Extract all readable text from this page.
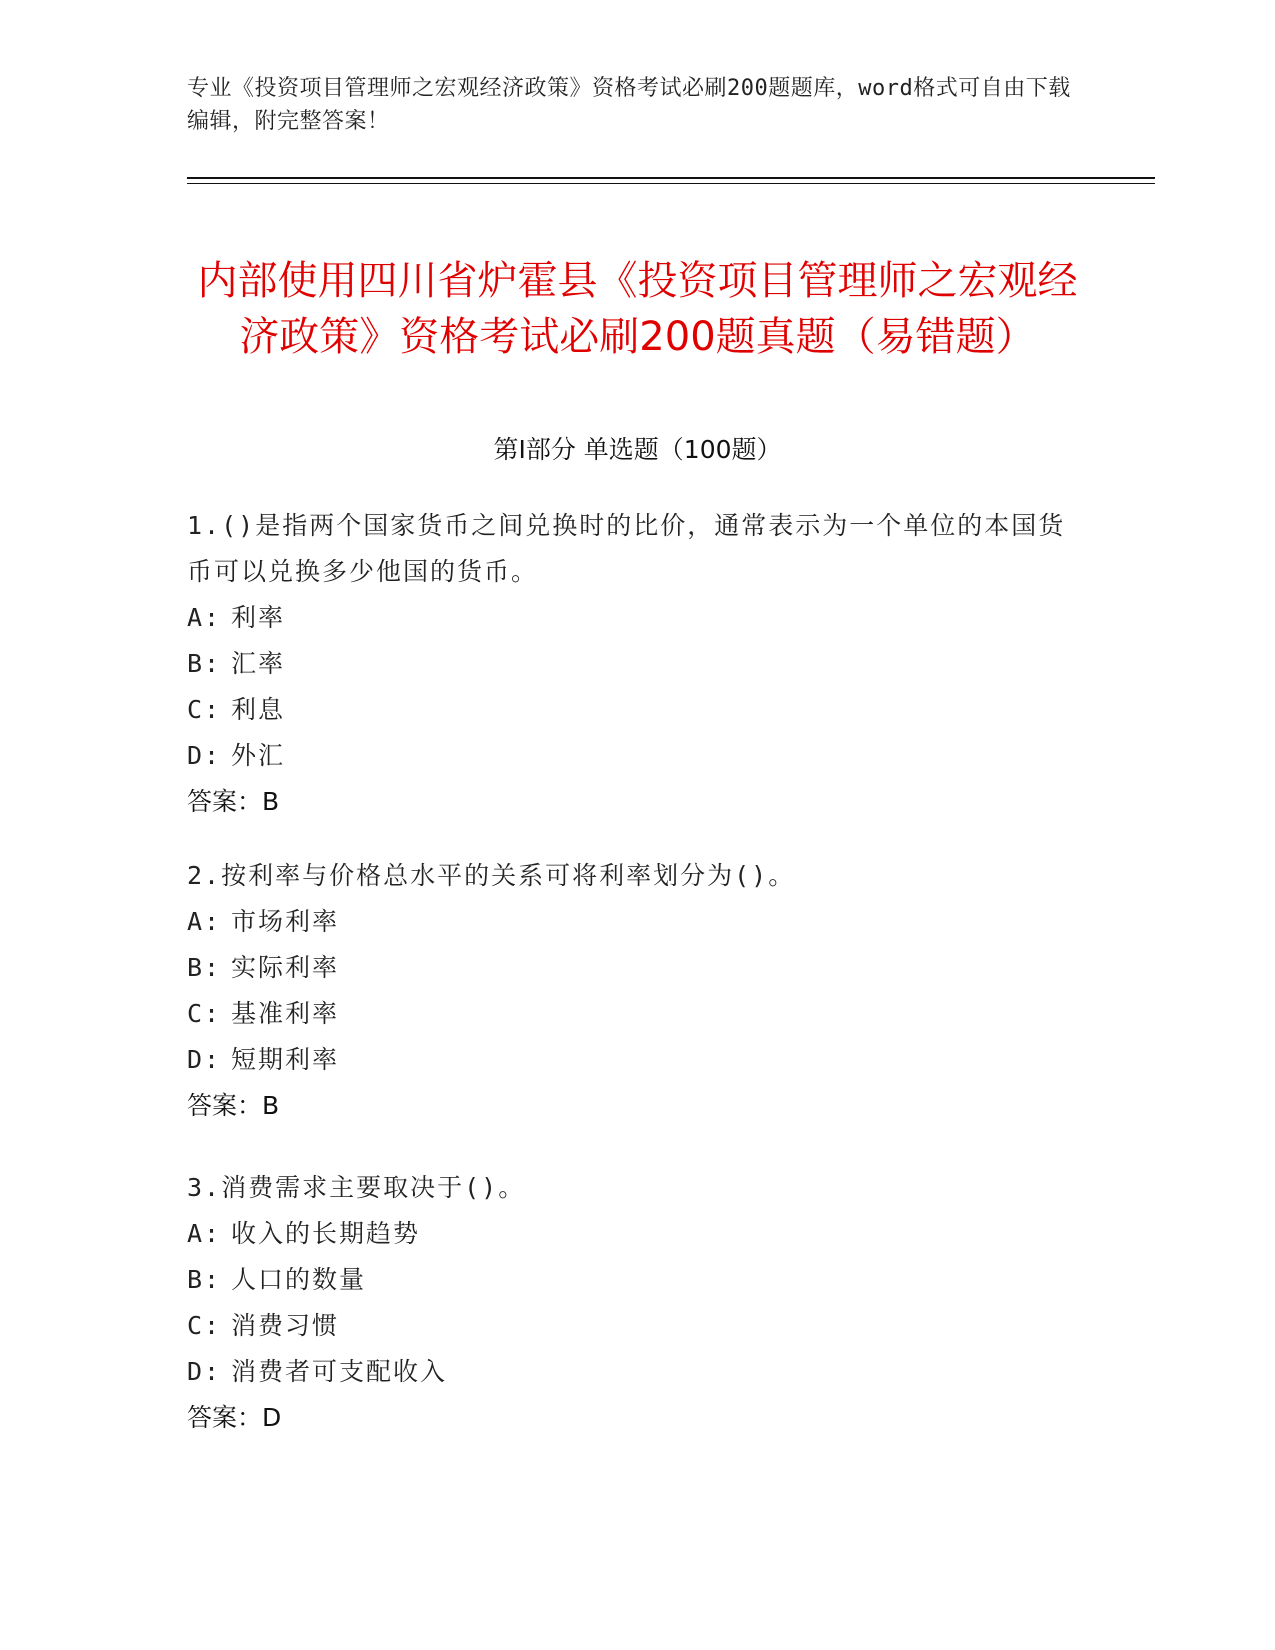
专业《投资项目管理师之宏观经济政策》资格考试必刷200题题库，word格式可自由下载编辑，附完整答案！
内部使用四川省炉霍县《投资项目管理师之宏观经济政策》资格考试必刷200题真题（易错题）
第I部分 单选题（100题）
1.()是指两个国家货币之间兑换时的比价，通常表示为一个单位的本国货币可以兑换多少他国的货币。
A: 利率
B: 汇率
C: 利息
D: 外汇
答案：B
2.按利率与价格总水平的关系可将利率划分为()。
A: 市场利率
B: 实际利率
C: 基准利率
D: 短期利率
答案：B
3.消费需求主要取决于()。
A: 收入的长期趋势
B: 人口的数量
C: 消费习惯
D: 消费者可支配收入
答案：D
